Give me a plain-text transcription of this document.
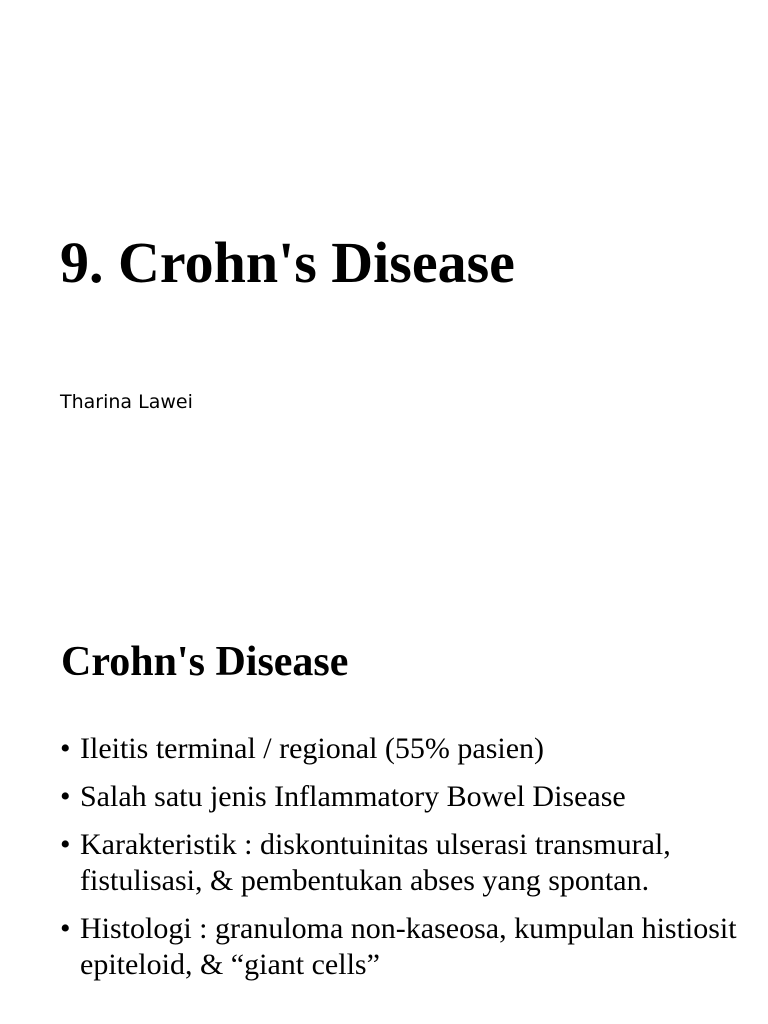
9. Crohn's Disease

Tharina Lawei

Crohn's Disease
• Ileitis terminal / regional (55% pasien)
• Salah satu jenis Inflammatory Bowel Disease
• Karakteristik : diskontuinitas ulserasi transmural, fistulisasi, & pembentukan abses yang spontan.
• Histologi : granuloma non-kaseosa, kumpulan histiosit epiteloid, & “giant cells”
